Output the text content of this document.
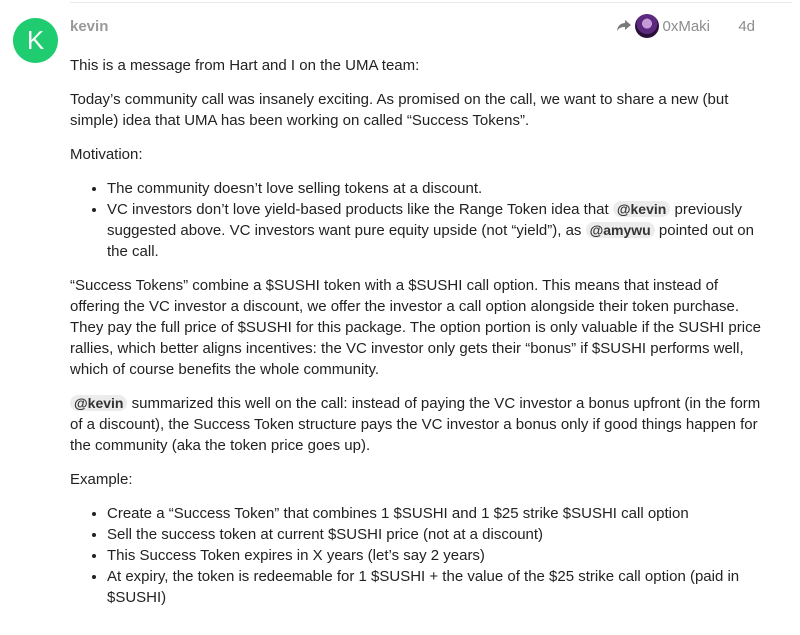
K	kevin	0xMaki 4d

This is a message from Hart and I on the UMA team:

Today’s community call was insanely exciting. As promised on the call, we want to share a new (but simple) idea that UMA has been working on called “Success Tokens”.

Motivation:

• The community doesn’t love selling tokens at a discount.
• VC investors don’t love yield-based products like the Range Token idea that @kevin previously suggested above. VC investors want pure equity upside (not “yield”), as @amywu pointed out on the call.

“Success Tokens” combine a $SUSHI token with a $SUSHI call option. This means that instead of offering the VC investor a discount, we offer the investor a call option alongside their token purchase. They pay the full price of $SUSHI for this package. The option portion is only valuable if the SUSHI price rallies, which better aligns incentives: the VC investor only gets their “bonus” if $SUSHI performs well, which of course benefits the whole community.

@kevin summarized this well on the call: instead of paying the VC investor a bonus upfront (in the form of a discount), the Success Token structure pays the VC investor a bonus only if good things happen for the community (aka the token price goes up).

Example:

• Create a “Success Token” that combines 1 $SUSHI and 1 $25 strike $SUSHI call option
• Sell the success token at current $SUSHI price (not at a discount)
• This Success Token expires in X years (let’s say 2 years)
• At expiry, the token is redeemable for 1 $SUSHI + the value of the $25 strike call option (paid in $SUSHI)
